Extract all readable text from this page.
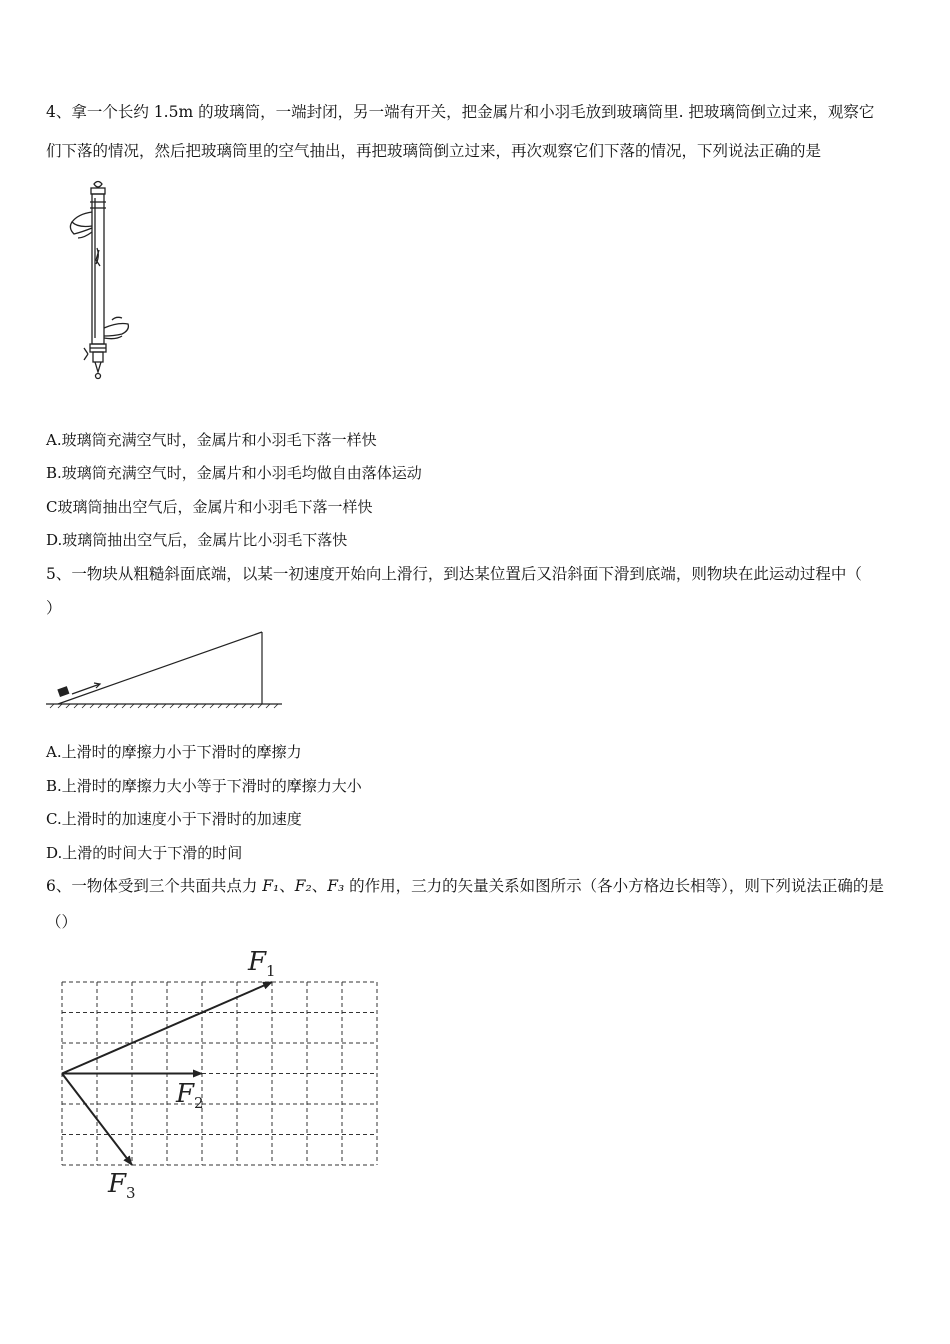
4、拿一个长约 1.5m 的玻璃筒，一端封闭，另一端有开关，把金属片和小羽毛放到玻璃筒里. 把玻璃筒倒立过来，观察它
们下落的情况，然后把玻璃筒里的空气抽出，再把玻璃筒倒立过来，再次观察它们下落的情况，下列说法正确的是
A.玻璃筒充满空气时，金属片和小羽毛下落一样快
B.玻璃筒充满空气时，金属片和小羽毛均做自由落体运动
C玻璃筒抽出空气后，金属片和小羽毛下落一样快
D.玻璃筒抽出空气后，金属片比小羽毛下落快
5、一物块从粗糙斜面底端，以某一初速度开始向上滑行，到达某位置后又沿斜面下滑到底端，则物块在此运动过程中（
）
A.上滑时的摩擦力小于下滑时的摩擦力
B.上滑时的摩擦力大小等于下滑时的摩擦力大小
C.上滑时的加速度小于下滑时的加速度
D.上滑的时间大于下滑的时间
6、一物体受到三个共面共点力 F₁、F₂、F₃ 的作用，三力的矢量关系如图所示（各小方格边长相等），则下列说法正确的是
（）
$F_1$
$F_2$
$F_3$
